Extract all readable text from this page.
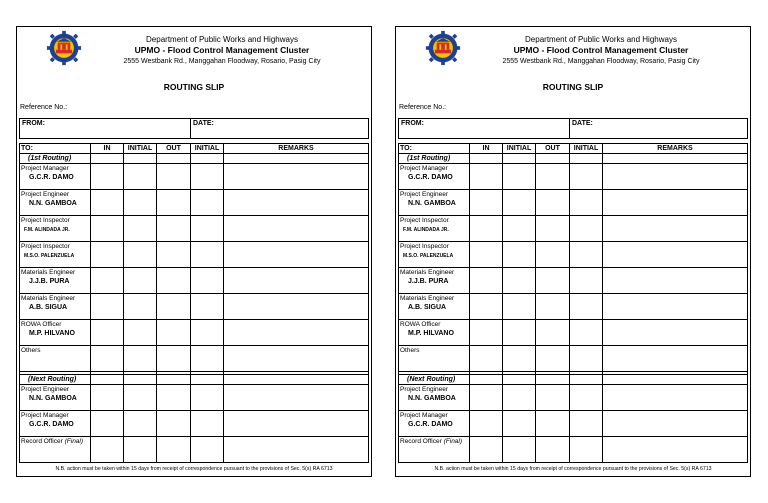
Department of Public Works and Highways
UPMO - Flood Control Management Cluster
2555 Westbank Rd., Manggahan Floodway, Rosario, Pasig City
ROUTING SLIP
Reference No.:
FROM:	DATE:
TO:	IN	INITIAL	OUT	INITIAL	REMARKS
(1st Routing)					

Project Manager
G.C.R. DAMO					

Project Engineer
N.N. GAMBOA					

Project Inspector
F.M. ALINDADA JR.					

Project Inspector
M.S.O. PALENZUELA					

Materials Engineer
J.J.B. PURA					

Materials Engineer
A.B. SIGUA					

ROWA Officer
M.P. HILVANO					

Others					

(Next Routing)					

Project Engineer
N.N. GAMBOA					

Project Manager
G.C.R. DAMO					

Record Officer (Final)					

N.B. action must be taken within 15 days from receipt of correspondence pursuant to the provisions of Sec. 5(s) RA 6713
Department of Public Works and Highways
UPMO - Flood Control Management Cluster
2555 Westbank Rd., Manggahan Floodway, Rosario, Pasig City
ROUTING SLIP
Reference No.:
FROM:	DATE:
TO:	IN	INITIAL	OUT	INITIAL	REMARKS
(1st Routing)					

Project Manager
G.C.R. DAMO					

Project Engineer
N.N. GAMBOA					

Project Inspector
F.M. ALINDADA JR.					

Project Inspector
M.S.O. PALENZUELA					

Materials Engineer
J.J.B. PURA					

Materials Engineer
A.B. SIGUA					

ROWA Officer
M.P. HILVANO					

Others					

(Next Routing)					

Project Engineer
N.N. GAMBOA					

Project Manager
G.C.R. DAMO					

Record Officer (Final)					

N.B. action must be taken within 15 days from receipt of correspondence pursuant to the provisions of Sec. 5(s) RA 6713
